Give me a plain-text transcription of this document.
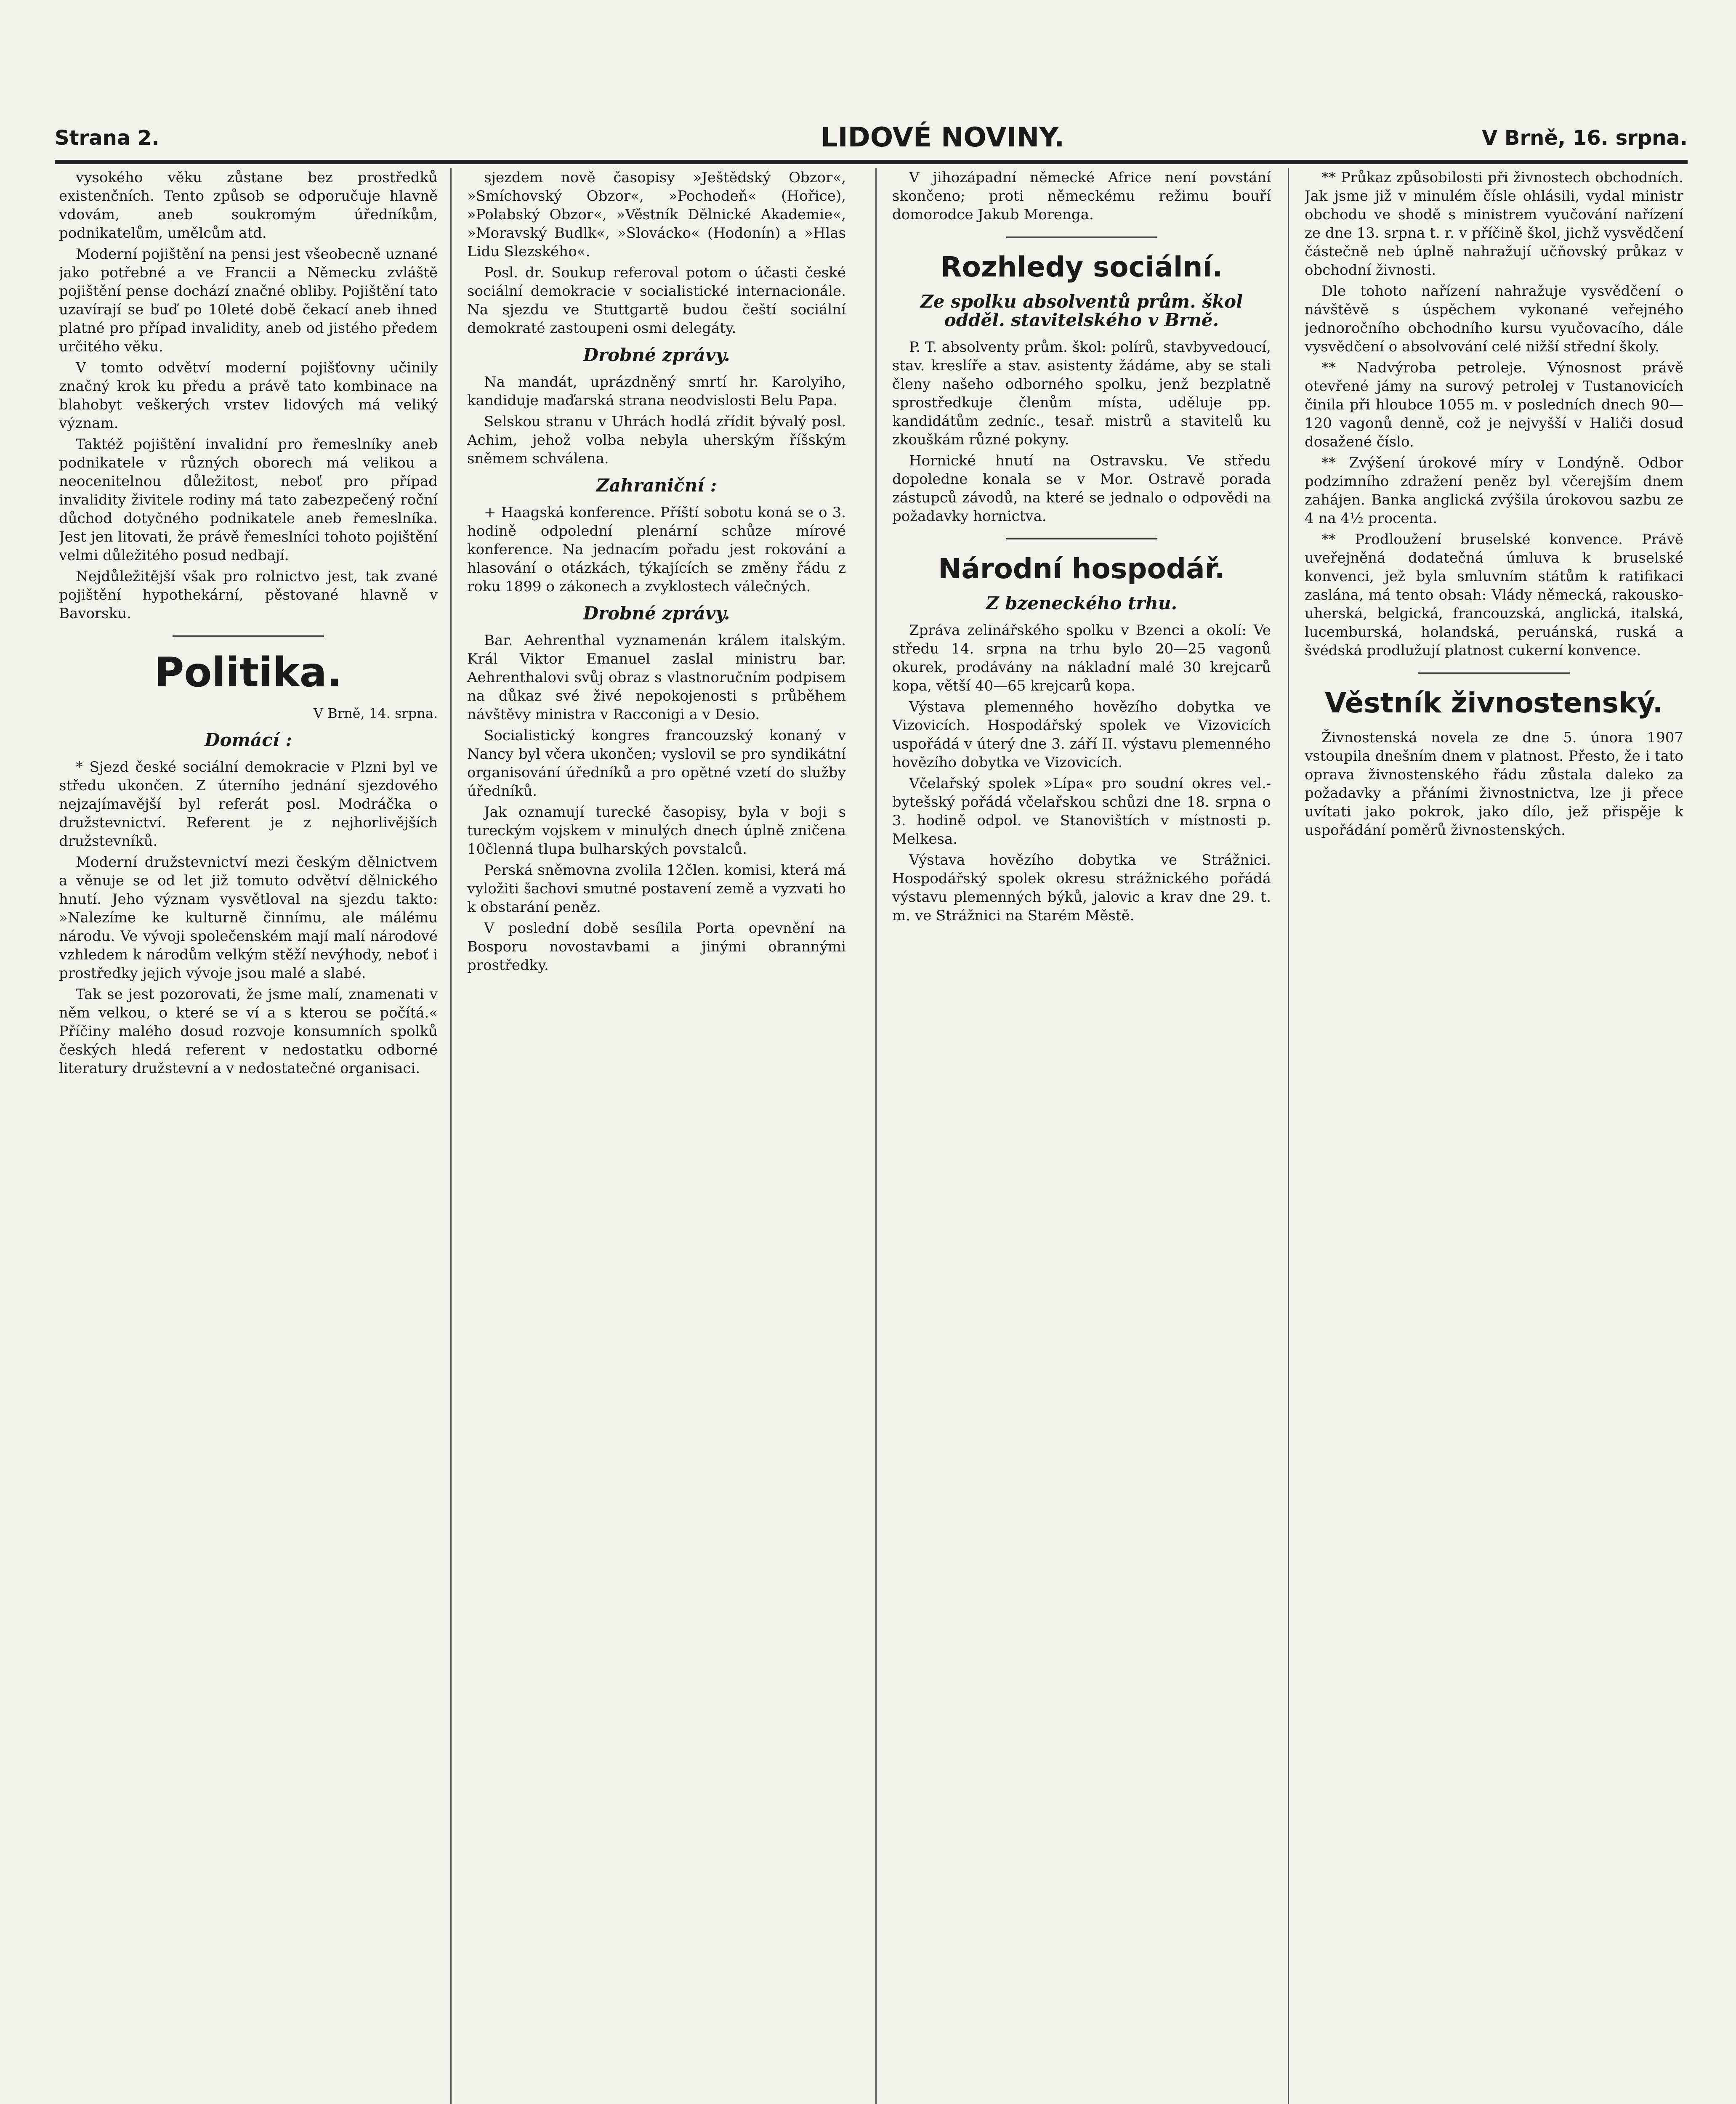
Strana 2.	LIDOVÉ NOVINY.	V Brně, 16. srpna.

vysokého věku zůstane bez prostředků existenčních. Tento způsob se odporučuje hlavně vdovám, aneb soukromým úředníkům, podnikatelům, umělcům atd.

Moderní pojištění na pensi jest všeobecně uznané jako potřebné a ve Francii a Německu zvláště pojištění pense dochází značné obliby. Pojištění tato uzavírají se buď po 10leté době čekací aneb ihned platné pro případ invalidity, aneb od jistého předem určitého věku.

V tomto odvětví moderní pojišťovny učinily značný krok ku předu a právě tato kombinace na blahobyt veškerých vrstev lidových má veliký význam.

Taktéž pojištění invalidní pro řemeslníky aneb podnikatele v různých oborech má velikou a neocenitelnou důležitost, neboť pro případ invalidity živitele rodiny má tato zabezpečený roční důchod dotyčného podnikatele aneb řemeslníka. Jest jen litovati, že právě řemeslníci tohoto pojištění velmi důležitého posud nedbají.

Nejdůležitější však pro rolnictvo jest, tak zvané pojištění hypothekární, pěstované hlavně v Bavorsku.

Politika.
V Brně, 14. srpna.
Domácí :

* Sjezd české sociální demokracie v Plzni byl ve středu ukončen. Z úterního jednání sjezdového nejzajímavější byl referát posl. Modráčka o družstevnictví. Referent je z nejhorlivějších družstevníků.

Moderní družstevnictví mezi českým dělnictvem a věnuje se od let již tomuto odvětví dělnického hnutí. Jeho význam vysvětloval na sjezdu takto: »Nalezíme ke kulturně činnímu, ale málému národu. Ve vývoji společenském mají malí národové vzhledem k národům velkým stěží nevýhody, neboť i prostředky jejich vývoje jsou malé a slabé.

Tak se jest pozorovati, že jsme malí, znamenati v něm velkou, o které se ví a s kterou se počítá.« Příčiny malého dosud rozvoje konsumních spolků českých hledá referent v nedostatku odborné literatury družstevní a v nedostatečné organisaci.

sjezdem nově časopisy »Ještědský Obzor«, »Smíchovský Obzor«, »Pochodeň« (Hořice), »Polabský Obzor«, »Věstník Dělnické Akademie«, »Moravský Budlk«, »Slovácko« (Hodonín) a »Hlas Lidu Slezského«.

Posl. dr. Soukup referoval potom o účasti české sociální demokracie v socialistické internacionále. Na sjezdu ve Stuttgartě budou čeští sociální demokraté zastoupeni osmi delegáty.

Drobné zprávy.

Na mandát, uprázdněný smrtí hr. Karolyiho, kandiduje maďarská strana neodvislosti Belu Papa.

Selskou stranu v Uhrách hodlá zřídit bývalý posl. Achim, jehož volba nebyla uherským říšským sněmem schválena.

Zahraniční :

+ Haagská konference. Příští sobotu koná se o 3. hodině odpolední plenární schůze mírové konference. Na jednacím pořadu jest rokování a hlasování o otázkách, týkajících se změny řádu z roku 1899 o zákonech a zvyklostech válečných.

Drobné zprávy.

Bar. Aehrenthal vyznamenán králem italským. Král Viktor Emanuel zaslal ministru bar. Aehrenthalovi svůj obraz s vlastnoručním podpisem na důkaz své živé nepokojenosti s průběhem návštěvy ministra v Racconigi a v Desio.

Socialistický kongres francouzský konaný v Nancy byl včera ukončen; vyslovil se pro syndikátní organisování úředníků a pro opětné vzetí do služby úředníků.

Jak oznamují turecké časopisy, byla v boji s tureckým vojskem v minulých dnech úplně zničena 10členná tlupa bulharských povstalců.

Perská sněmovna zvolila 12člen. komisi, která má vyložiti šachovi smutné postavení země a vyzvati ho k obstarání peněz.

V poslední době sesílila Porta opevnění na Bosporu novostavbami a jinými obrannými prostředky.

V jihozápadní německé Africe není povstání skončeno; proti německému režimu bouří domorodce Jakub Morenga.

Rozhledy sociální.
Ze spolku absolventů prům. škol odděl. stavitelského v Brně.

P. T. absolventy prům. škol: polírů, stavbyvedoucí, stav. kreslíře a stav. asistenty žádáme, aby se stali členy našeho odborného spolku, jenž bezplatně sprostředkuje členům místa, uděluje pp. kandidátům zedníc., tesař. mistrů a stavitelů ku zkouškám různé pokyny.

Hornické hnutí na Ostravsku. Ve středu dopoledne konala se v Mor. Ostravě porada zástupců závodů, na které se jednalo o odpovědi na požadavky hornictva.

Národní hospodář.
Z bzeneckého trhu.

Zpráva zelinářského spolku v Bzenci a okolí: Ve středu 14. srpna na trhu bylo 20—25 vagonů okurek, prodávány na nákladní malé 30 krejcarů kopa, větší 40—65 krejcarů kopa.

Výstava plemenného hovězího dobytka ve Vizovicích. Hospodářský spolek ve Vizovicích uspořádá v úterý dne 3. září II. výstavu plemenného hovězího dobytka ve Vizovicích.

Včelařský spolek »Lípa« pro soudní okres vel.-bytešský pořádá včelařskou schůzi dne 18. srpna o 3. hodině odpol. ve Stanovištích v místnosti p. Melkesa.

Výstava hovězího dobytka ve Strážnici. Hospodářský spolek okresu strážnického pořádá výstavu plemenných býků, jalovic a krav dne 29. t. m. ve Strážnici na Starém Městě.

** Průkaz způsobilosti při živnostech obchodních. Jak jsme již v minulém čísle ohlásili, vydal ministr obchodu ve shodě s ministrem vyučování nařízení ze dne 13. srpna t. r. v příčině škol, jichž vysvědčení částečně neb úplně nahražují učňovský průkaz v obchodní živnosti.

Dle tohoto nařízení nahražuje vysvědčení o návštěvě s úspěchem vykonané veřejného jednoročního obchodního kursu vyučovacího, dále vysvědčení o absolvování celé nižší střední školy.

** Nadvýroba petroleje. Výnosnost právě otevřené jámy na surový petrolej v Tustanovicích činila při hloubce 1055 m. v posledních dnech 90—120 vagonů denně, což je nejvyšší v Haliči dosud dosažené číslo.

** Zvýšení úrokové míry v Londýně. Odbor podzimního zdražení peněz byl včerejším dnem zahájen. Banka anglická zvýšila úrokovou sazbu ze 4 na 4½ procenta.

** Prodloužení bruselské konvence. Právě uveřejněná dodatečná úmluva k bruselské konvenci, jež byla smluvním státům k ratifikaci zaslána, má tento obsah: Vlády německá, rakousko-uherská, belgická, francouzská, anglická, italská, lucemburská, holandská, peruánská, ruská a švédská prodlužují platnost cukerní konvence.

Věstník živnostenský.

Živnostenská novela ze dne 5. února 1907 vstoupila dnešním dnem v platnost. Přesto, že i tato oprava živnostenského řádu zůstala daleko za požadavky a přáními živnostnictva, lze ji přece uvítati jako pokrok, jako dílo, jež přispěje k uspořádání poměrů živnostenských.
